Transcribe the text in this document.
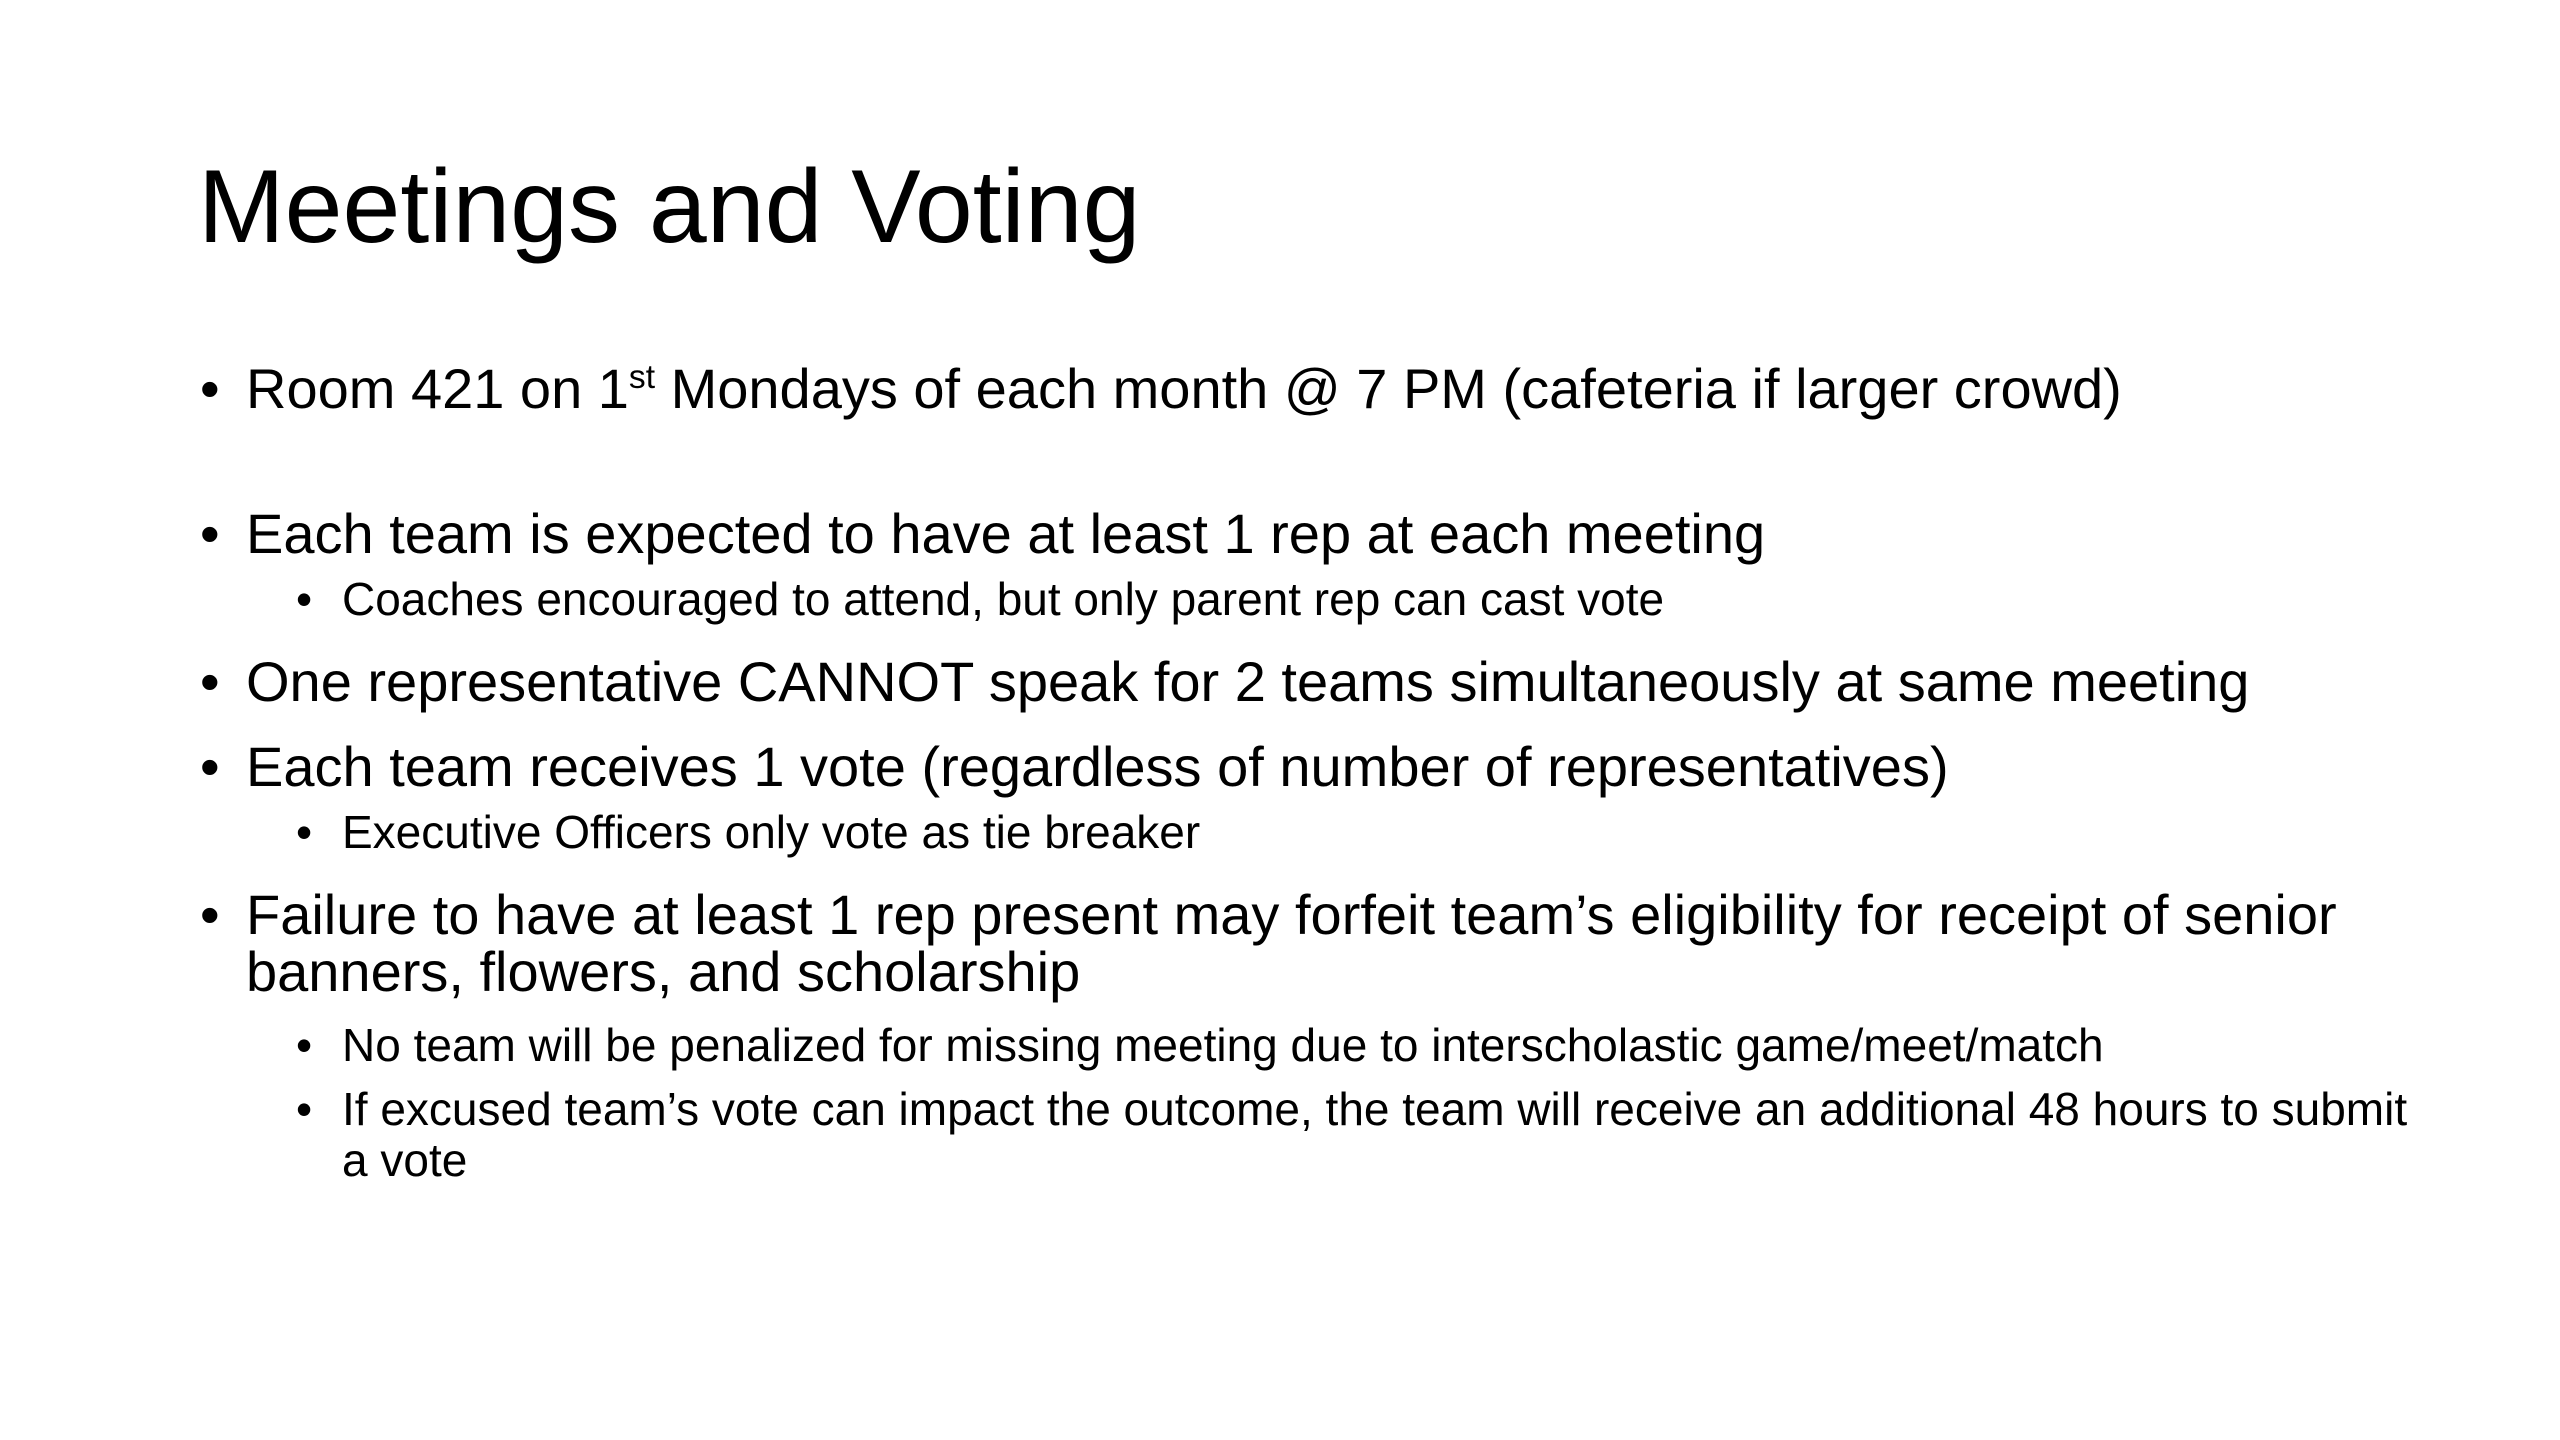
Meetings and Voting
• Room 421 on 1st Mondays of each month @ 7 PM (cafeteria if larger crowd)
• Each team is expected to have at least 1 rep at each meeting
• Coaches encouraged to attend, but only parent rep can cast vote
• One representative CANNOT speak for 2 teams simultaneously at same meeting
• Each team receives 1 vote (regardless of number of representatives)
• Executive Officers only vote as tie breaker
• Failure to have at least 1 rep present may forfeit team’s eligibility for receipt of senior banners, flowers, and scholarship
• No team will be penalized for missing meeting due to interscholastic game/meet/match
• If excused team’s vote can impact the outcome, the team will receive an additional 48 hours to submit a vote
